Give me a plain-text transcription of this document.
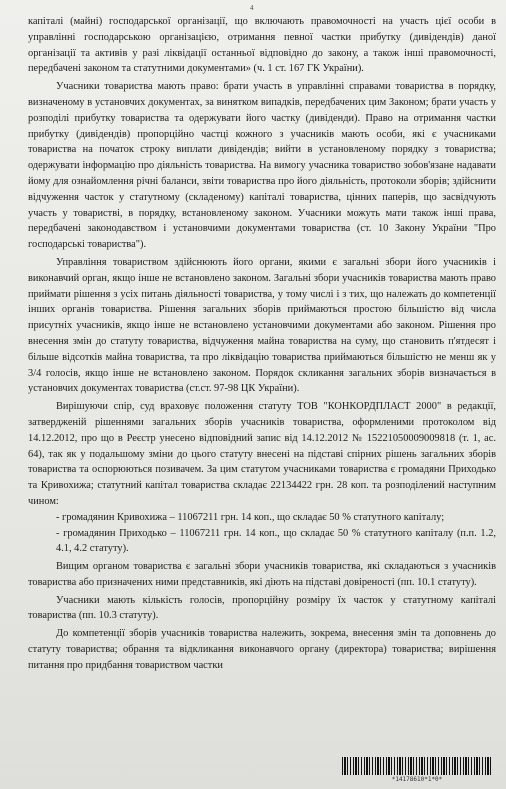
4

капіталі (майні) господарської організації, що включають правомочності на участь цієї особи в управлінні господарською організацією, отримання певної частки прибутку (дивідендів) даної організації та активів у разі ліквідації останньої відповідно до закону, а також інші правомочності, передбачені законом та статутними документами» (ч. 1 ст. 167 ГК України).

Учасники товариства мають право: брати участь в управлінні справами товариства в порядку, визначеному в установчих документах, за винятком випадків, передбачених цим Законом; брати участь у розподілі прибутку товариства та одержувати його частку (дивіденди). Право на отримання частки прибутку (дивідендів) пропорційно частці кожного з учасників мають особи, які є учасниками товариства на початок строку виплати дивідендів; вийти в установленому порядку з товариства; одержувати інформацію про діяльність товариства. На вимогу учасника товариство зобов'язане надавати йому для ознайомлення річні баланси, звіти товариства про його діяльність, протоколи зборів; здійснити відчуження часток у статутному (складеному) капіталі товариства, цінних паперів, що засвідчують участь у товаристві, в порядку, встановленому законом. Учасники можуть мати також інші права, передбачені законодавством і установчими документами товариства (ст. 10 Закону України "Про господарські товариства").

Управління товариством здійснюють його органи, якими є загальні збори його учасників і виконавчий орган, якщо інше не встановлено законом. Загальні збори учасників товариства мають право приймати рішення з усіх питань діяльності товариства, у тому числі і з тих, що належать до компетенції інших органів товариства. Рішення загальних зборів приймаються простою більшістю від числа присутніх учасників, якщо інше не встановлено установчими документами або законом. Рішення про внесення змін до статуту товариства, відчуження майна товариства на суму, що становить п'ятдесят і більше відсотків майна товариства, та про ліквідацію товариства приймаються більшістю не менш як у 3/4 голосів, якщо інше не встановлено законом. Порядок скликання загальних зборів визначається в установчих документах товариства (ст.ст. 97-98 ЦК України).

Вирішуючи спір, суд враховує положення статуту ТОВ "КОНКОРДПЛАСТ 2000" в редакції, затвердженій рішеннями загальних зборів учасників товариства, оформленими протоколом від 14.12.2012, про що в Реєстр унесено відповідний запис від 14.12.2012 № 15221050009009818 (т. 1, ас. 64), так як у подальшому зміни до цього статуту внесені на підставі спірних рішень загальних зборів товариства та оспорюються позивачем. За цим статутом учасниками товариства є громадяни Приходько та Кривохижа; статутний капітал товариства складає 22134422 грн. 28 коп. та розподілений наступним чином:

- громадянин Кривохижа – 11067211 грн. 14 коп., що складає 50 % статутного капіталу;

- громадянин Приходько – 11067211 грн. 14 коп., що складає 50 % статутного капіталу (п.п. 1.2, 4.1, 4.2 статуту).

Вищим органом товариства є загальні збори учасників товариства, які складаються з учасників товариства або призначених ними представників, які діють на підставі довіреності (пп. 10.1 статуту).

Учасники мають кількість голосів, пропорційну розміру їх часток у статутному капіталі товариства (пп. 10.3 статуту).

До компетенції зборів учасників товариства належить, зокрема, внесення змін та доповнень до статуту товариства; обрання та відкликання виконавчого органу (директора) товариства; вирішення питання про придбання товариством частки

*14178610*1*0*
